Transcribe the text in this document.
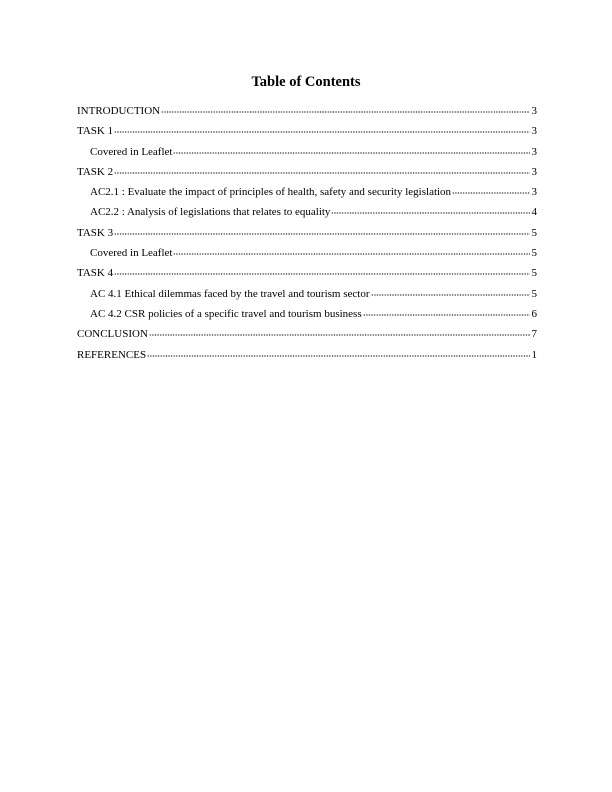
Table of Contents
INTRODUCTION	3
TASK 1	3
Covered in Leaflet	3
TASK 2	3
AC2.1 : Evaluate the impact of principles of health, safety and security legislation	3
AC2.2 : Analysis of legislations that relates to equality	4
TASK 3	5
Covered in Leaflet	5
TASK 4	5
AC 4.1 Ethical dilemmas faced by the travel and tourism sector	5
AC 4.2 CSR policies of a specific travel and tourism business	6
CONCLUSION	7
REFERENCES	1
